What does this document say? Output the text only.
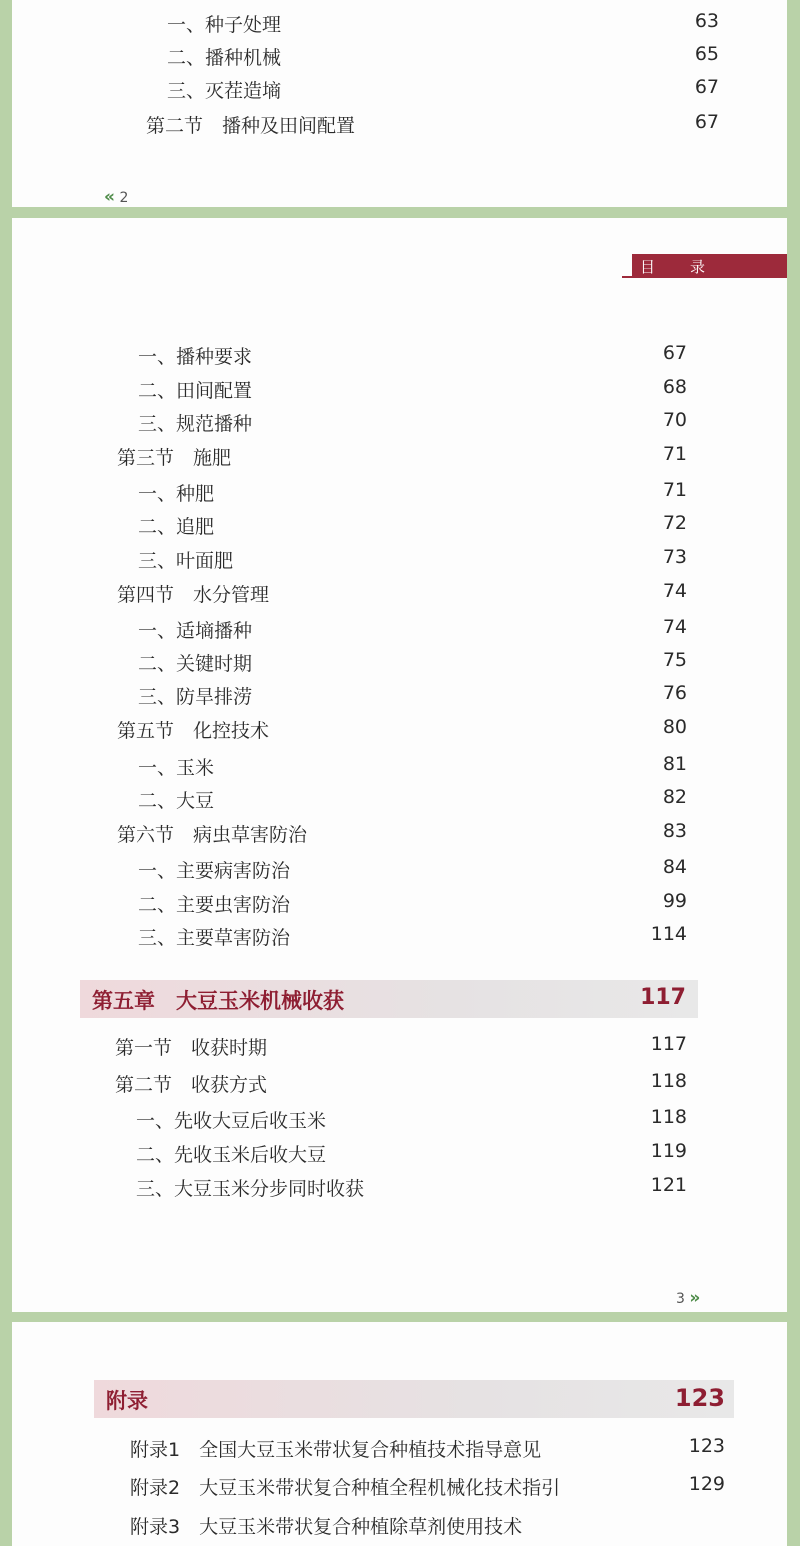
一、种子处理	63
二、播种机械	65
三、灭茬造墒	67
第二节　播种及田间配置	67
« 2
目　录
一、播种要求	67
二、田间配置	68
三、规范播种	70
第三节　施肥	71
一、种肥	71
二、追肥	72
三、叶面肥	73
第四节　水分管理	74
一、适墒播种	74
二、关键时期	75
三、防旱排涝	76
第五节　化控技术	80
一、玉米	81
二、大豆	82
第六节　病虫草害防治	83
一、主要病害防治	84
二、主要虫害防治	99
三、主要草害防治	114
第五章　大豆玉米机械收获	117
第一节　收获时期	117
第二节　收获方式	118
一、先收大豆后收玉米	118
二、先收玉米后收大豆	119
三、大豆玉米分步同时收获	121
3 »
附录	123
附录1　全国大豆玉米带状复合种植技术指导意见	123
附录2　大豆玉米带状复合种植全程机械化技术指引	129
附录3　大豆玉米带状复合种植除草剂使用技术
